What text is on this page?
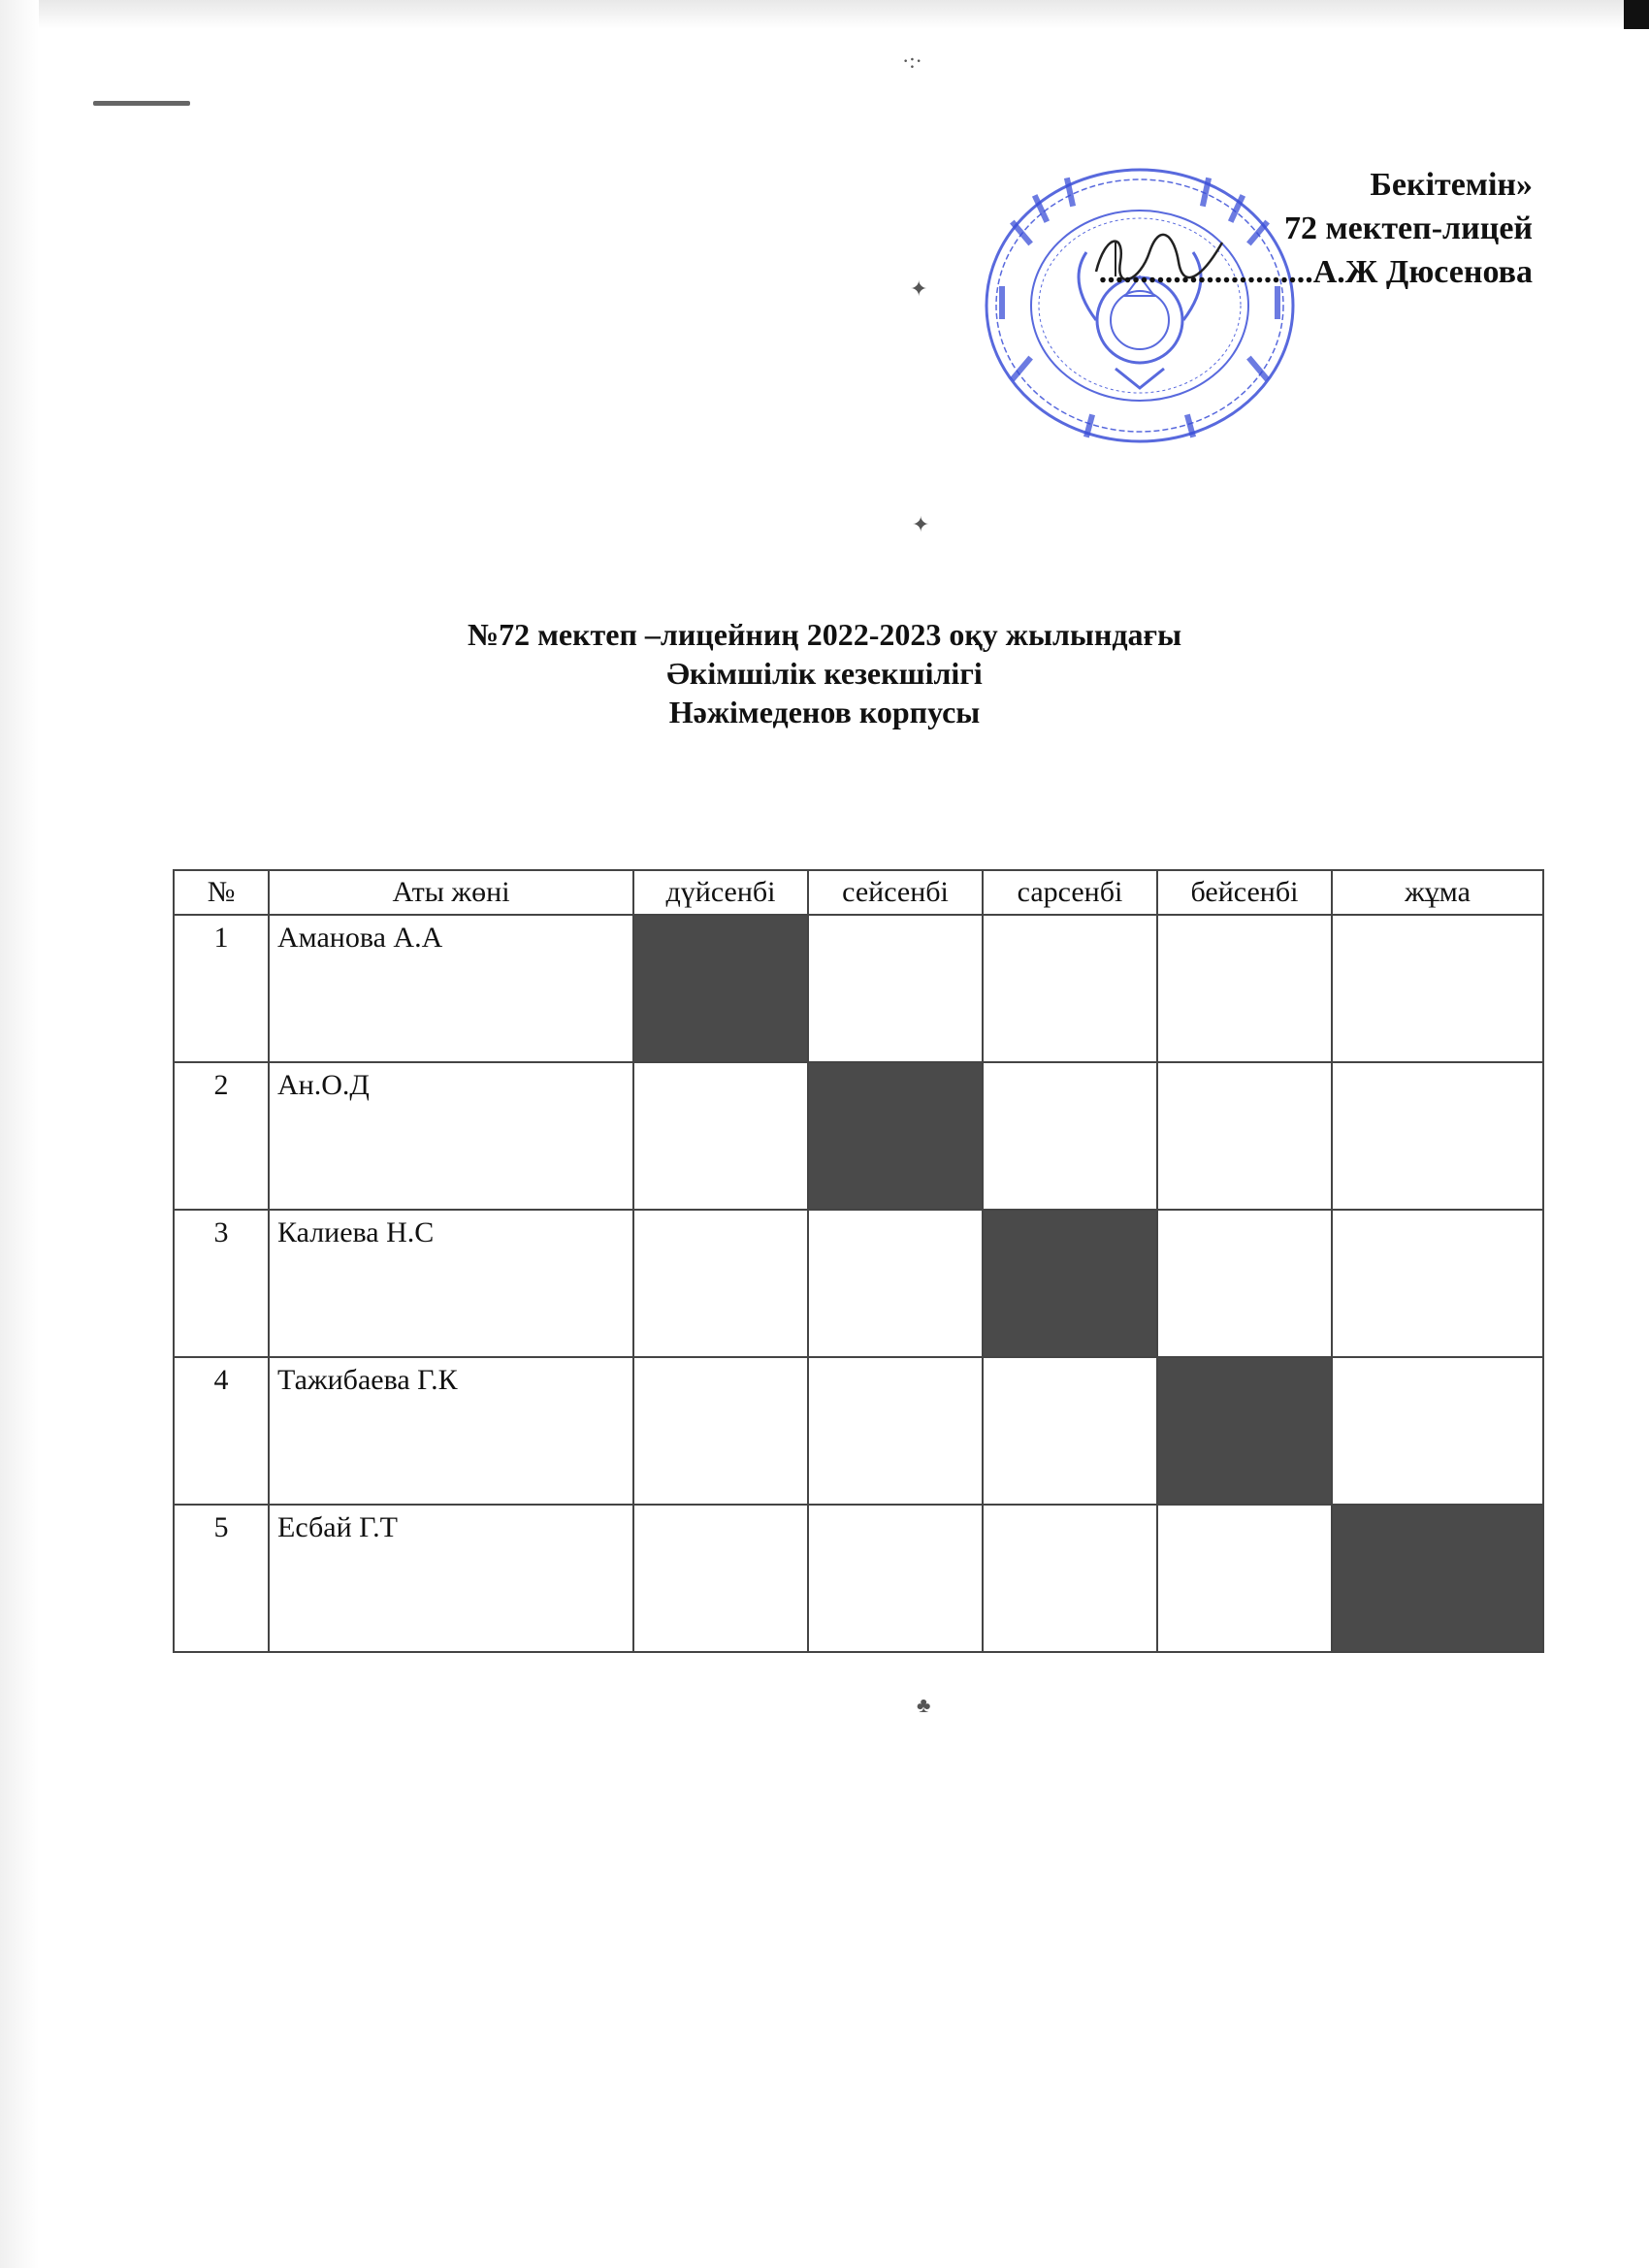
Бекітемін»
72 мектеп-лицей
..........................А.Ж Дюсенова
№72 мектеп –лицейниң 2022-2023 оқу жылындағы
Әкімшілік кезекшілігі
Нәжімеденов корпусы
№	Аты жөні	дүйсенбі	сейсенбі	сарсенбі	бейсенбі	жұма
1	Аманова А.А					
2	Ан.О.Д					
3	Калиева Н.С					
4	Тажибаева Г.К					
5	Есбай Г.Т					
·:·
✦
✦
♣
